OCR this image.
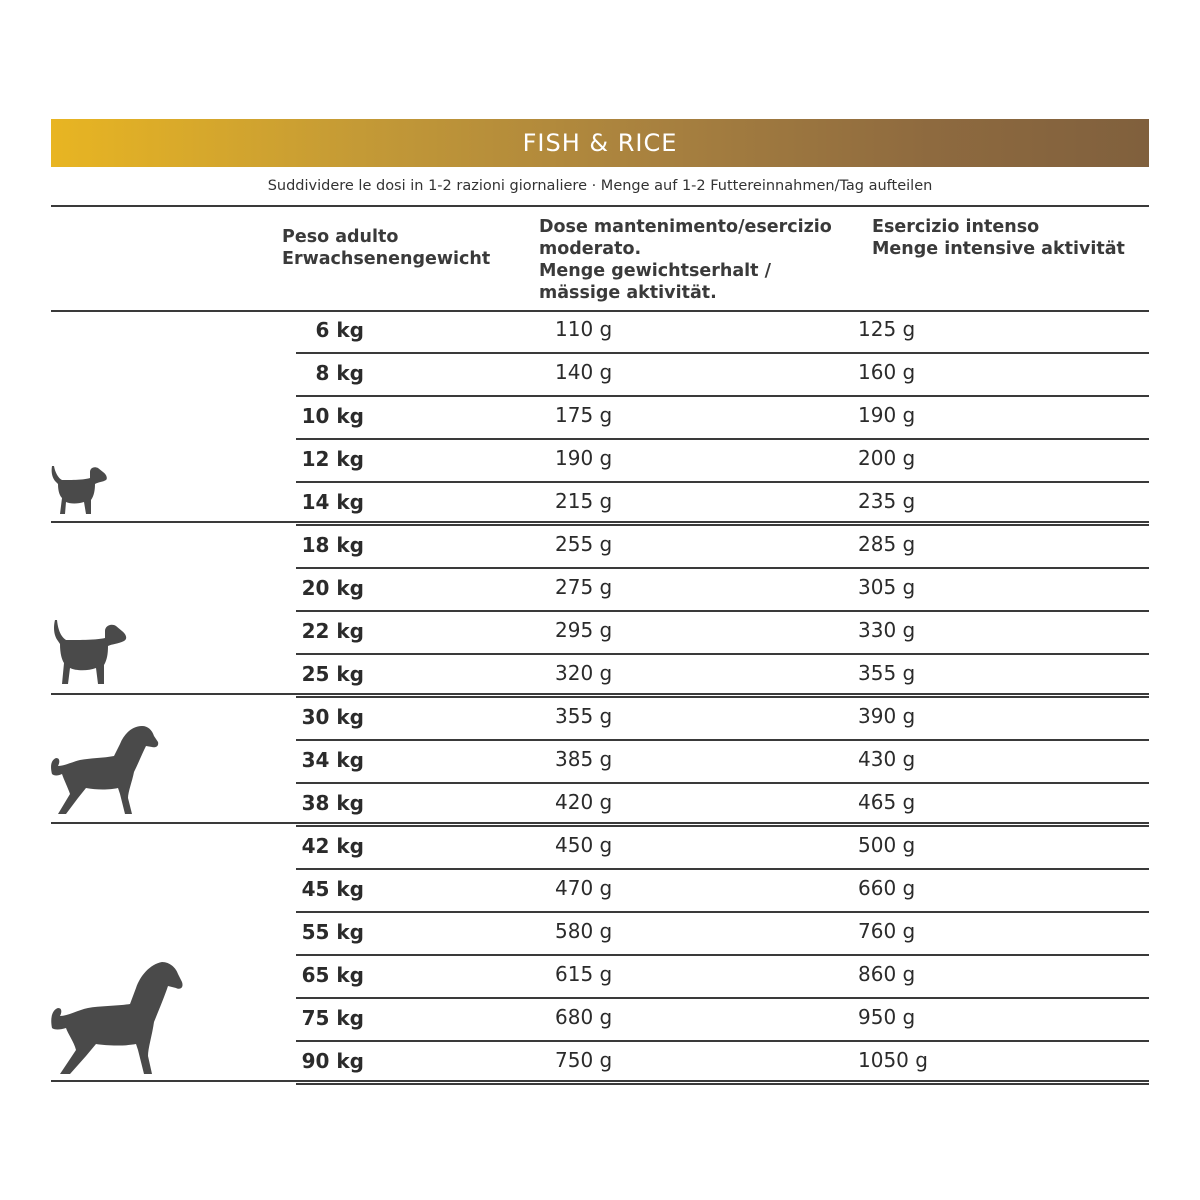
FISH & RICE
Suddividere le dosi in 1-2 razioni giornaliere · Menge auf 1-2 Futtereinnahmen/Tag aufteilen
Peso adulto
Erwachsenengewicht
Dose mantenimento/esercizio
moderato.
Menge gewichtserhalt /
mässige aktivität.
Esercizio intenso
Menge intensive aktivität
6 kg	110 g	125 g
8 kg	140 g	160 g
10 kg	175 g	190 g
12 kg	190 g	200 g
14 kg	215 g	235 g
18 kg	255 g	285 g
20 kg	275 g	305 g
22 kg	295 g	330 g
25 kg	320 g	355 g
30 kg	355 g	390 g
34 kg	385 g	430 g
38 kg	420 g	465 g
42 kg	450 g	500 g
45 kg	470 g	660 g
55 kg	580 g	760 g
65 kg	615 g	860 g
75 kg	680 g	950 g
90 kg	750 g	1050 g
